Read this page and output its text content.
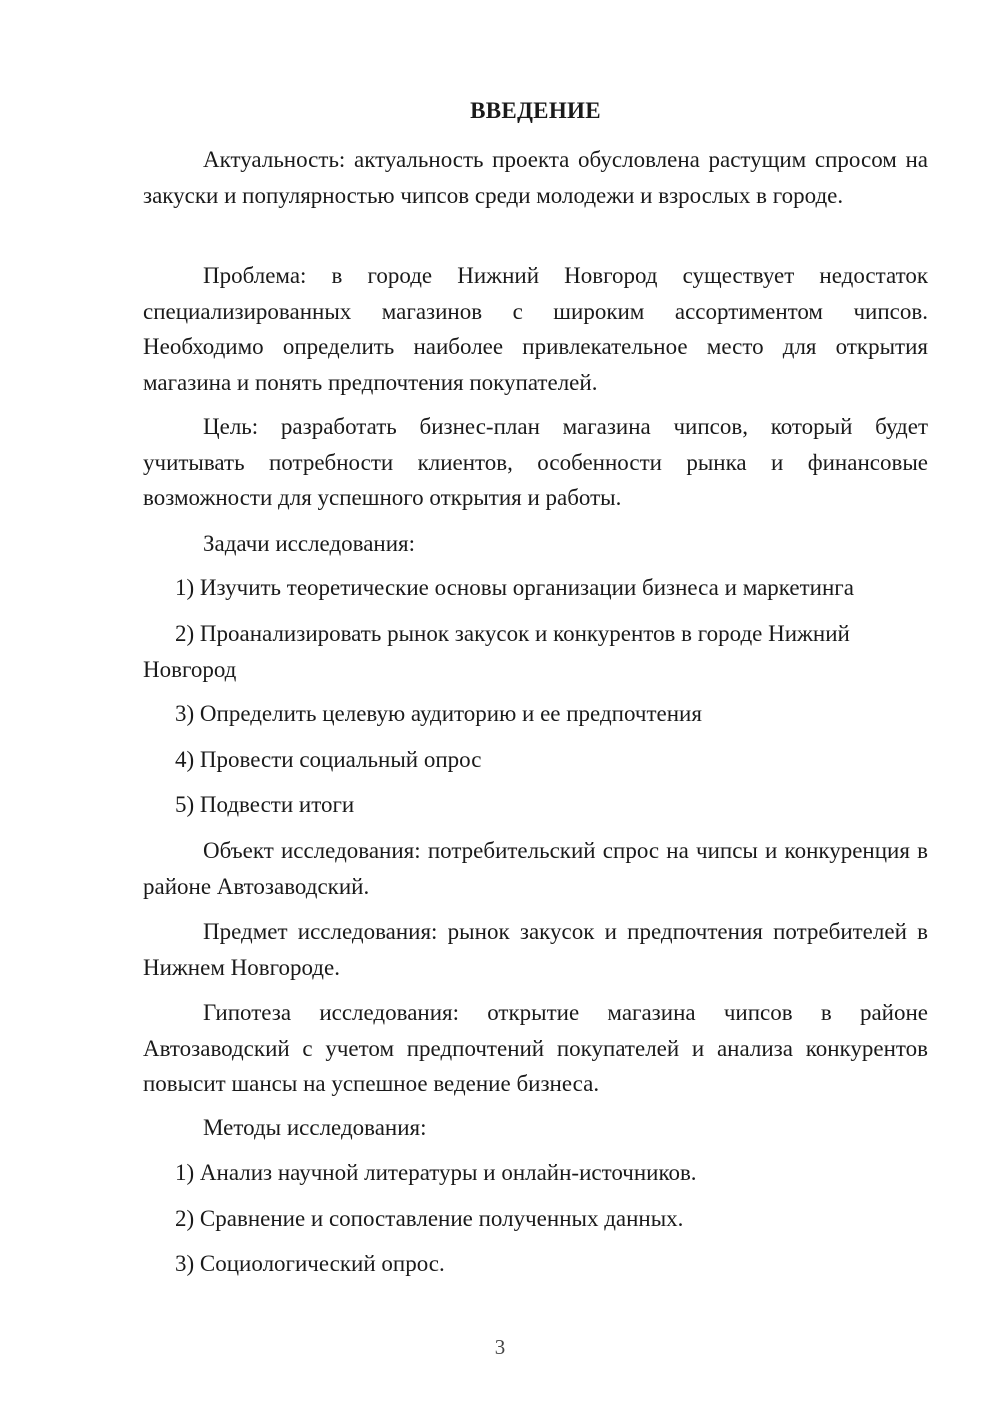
ВВЕДЕНИЕ

Актуальность: актуальность проекта обусловлена растущим спросом на закуски и популярностью чипсов среди молодежи и взрослых в городе.

Проблема: в городе Нижний Новгород существует недостаток специализированных магазинов с широким ассортиментом чипсов. Необходимо определить наиболее привлекательное место для открытия магазина и понять предпочтения покупателей.

Цель: разработать бизнес-план магазина чипсов, который будет учитывать потребности клиентов, особенности рынка и финансовые возможности для успешного открытия и работы.

Задачи исследования:

1) Изучить теоретические основы организации бизнеса и маркетинга

2) Проанализировать рынок закусок и конкурентов в городе Нижний Новгород

3) Определить целевую аудиторию и ее предпочтения

4) Провести социальный опрос

5) Подвести итоги

Объект исследования: потребительский спрос на чипсы и конкуренция в районе Автозаводский.

Предмет исследования: рынок закусок и предпочтения потребителей в Нижнем Новгороде.

Гипотеза исследования: открытие магазина чипсов в районе Автозаводский с учетом предпочтений покупателей и анализа конкурентов повысит шансы на успешное ведение бизнеса.

Методы исследования:

1) Анализ научной литературы и онлайн-источников.

2) Сравнение и сопоставление полученных данных.

3) Социологический опрос.

3
